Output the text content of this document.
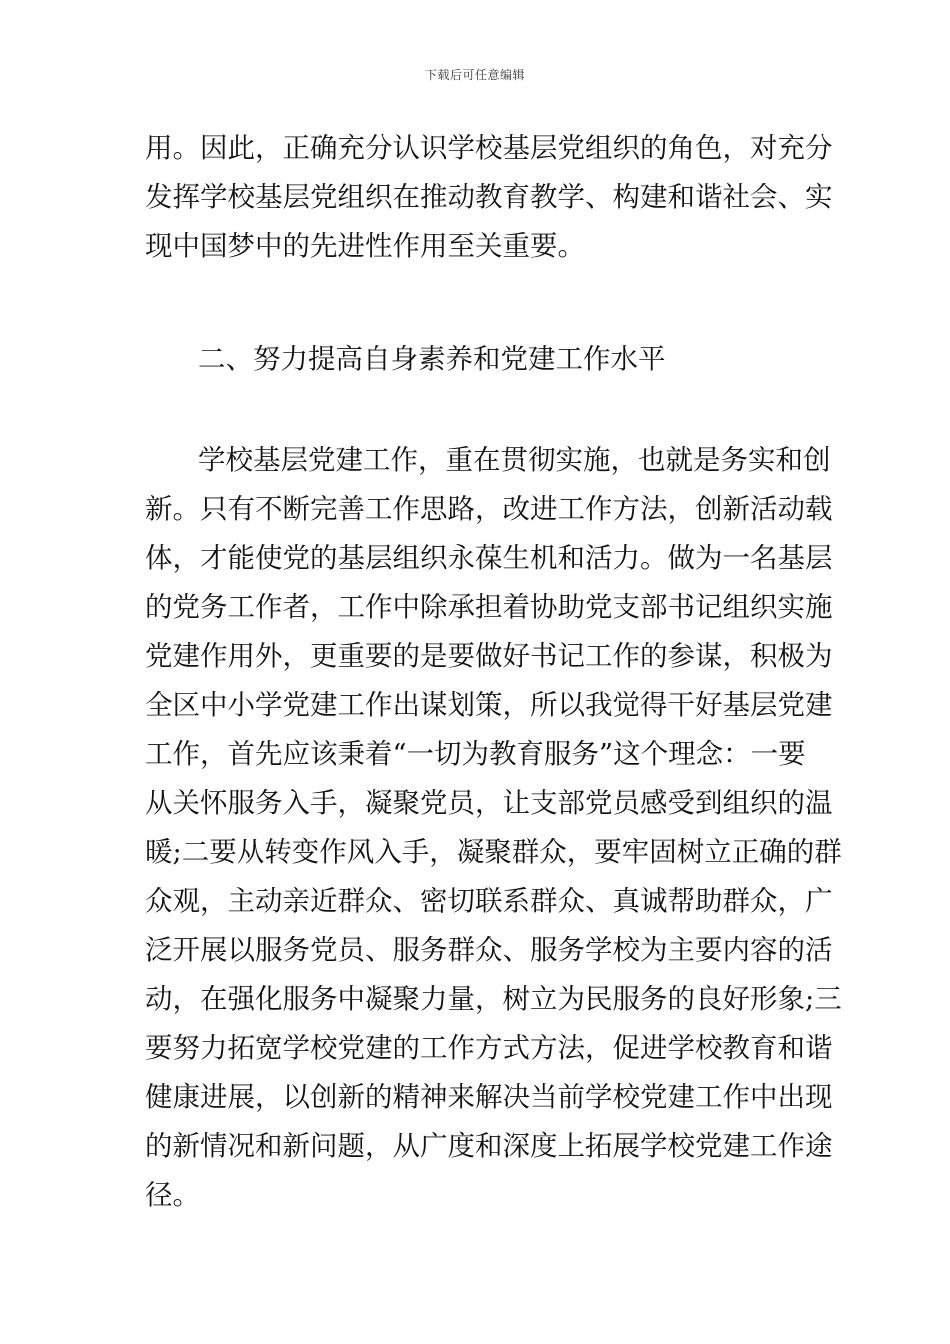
下载后可任意编辑
用。因此，正确充分认识学校基层党组织的角色，对充分
发挥学校基层党组织在推动教育教学、构建和谐社会、实
现中国梦中的先进性作用至关重要。
二、努力提高自身素养和党建工作水平
学校基层党建工作，重在贯彻实施，也就是务实和创
新。只有不断完善工作思路，改进工作方法，创新活动载
体，才能使党的基层组织永葆生机和活力。做为一名基层
的党务工作者，工作中除承担着协助党支部书记组织实施
党建作用外，更重要的是要做好书记工作的参谋，积极为
全区中小学党建工作出谋划策，所以我觉得干好基层党建
工作，首先应该秉着“一切为教育服务”这个理念：一要
从关怀服务入手，凝聚党员，让支部党员感受到组织的温
暖;二要从转变作风入手，凝聚群众，要牢固树立正确的群
众观，主动亲近群众、密切联系群众、真诚帮助群众，广
泛开展以服务党员、服务群众、服务学校为主要内容的活
动，在强化服务中凝聚力量，树立为民服务的良好形象;三
要努力拓宽学校党建的工作方式方法，促进学校教育和谐
健康进展，以创新的精神来解决当前学校党建工作中出现
的新情况和新问题，从广度和深度上拓展学校党建工作途
径。
